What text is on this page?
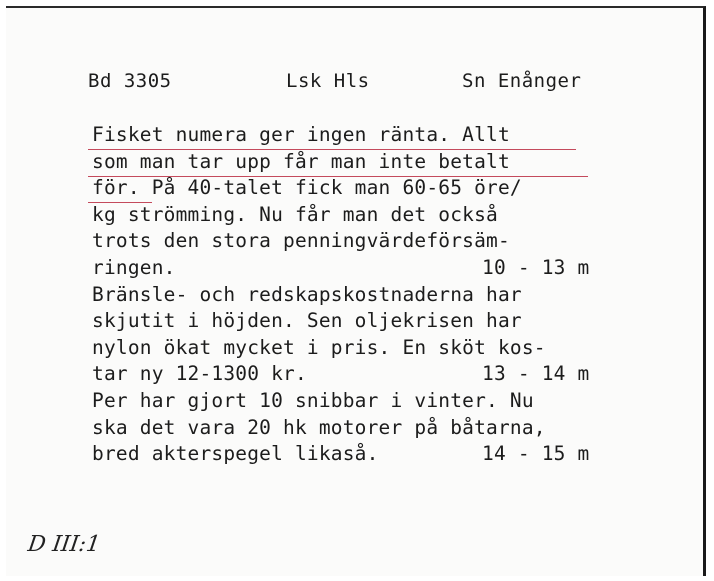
Bd 3305	Lsk Hls	Sn Enånger
Fisket numera ger ingen ränta. Allt
som man tar upp får man inte betalt
för. På 40-talet fick man 60-65 öre/
kg strömming. Nu får man det också
trots den stora penningvärdeförsäm-
ringen.	10 - 13 m
Bränsle- och redskapskostnaderna har
skjutit i höjden. Sen oljekrisen har
nylon ökat mycket i pris. En sköt kos-
tar ny 12-1300 kr.	13 - 14 m
Per har gjort 10 snibbar i vinter. Nu
ska det vara 20 hk motorer på båtarna,
bred akterspegel likaså.	14 - 15 m
D III:1
